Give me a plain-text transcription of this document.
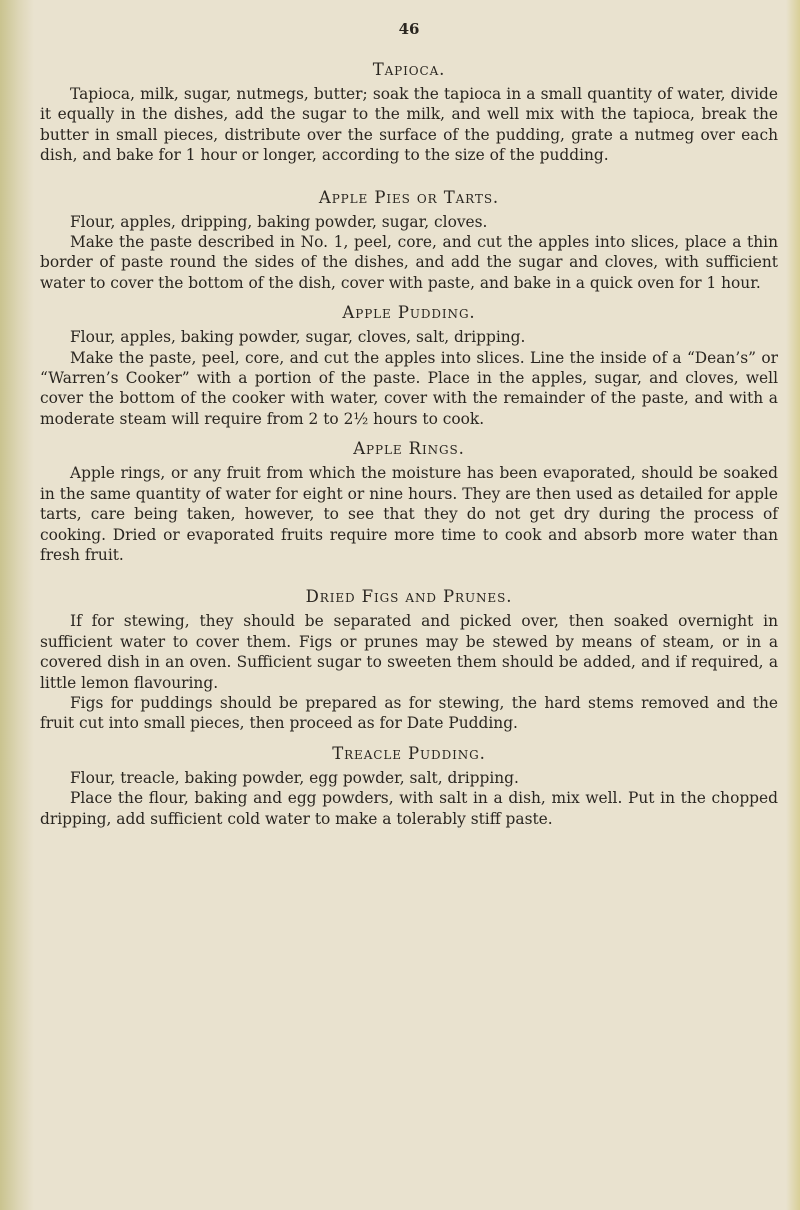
46
Tapioca.

Tapioca, milk, sugar, nutmegs, butter; soak the tapioca in a small quantity of water, divide it equally in the dishes, add the sugar to the milk, and well mix with the tapioca, break the butter in small pieces, distribute over the surface of the pudding, grate a nutmeg over each dish, and bake for 1 hour or longer, according to the size of the pudding.

Apple Pies or Tarts.

Flour, apples, dripping, baking powder, sugar, cloves.

Make the paste described in No. 1, peel, core, and cut the apples into slices, place a thin border of paste round the sides of the dishes, and add the sugar and cloves, with sufficient water to cover the bottom of the dish, cover with paste, and bake in a quick oven for 1 hour.

Apple Pudding.

Flour, apples, baking powder, sugar, cloves, salt, dripping.

Make the paste, peel, core, and cut the apples into slices. Line the inside of a “Dean’s” or “Warren’s Cooker” with a portion of the paste. Place in the apples, sugar, and cloves, well cover the bottom of the cooker with water, cover with the remainder of the paste, and with a moderate steam will require from 2 to 2½ hours to cook.

Apple Rings.

Apple rings, or any fruit from which the moisture has been evaporated, should be soaked in the same quantity of water for eight or nine hours. They are then used as detailed for apple tarts, care being taken, however, to see that they do not get dry during the process of cooking. Dried or evaporated fruits require more time to cook and absorb more water than fresh fruit.

Dried Figs and Prunes.

If for stewing, they should be separated and picked over, then soaked overnight in sufficient water to cover them. Figs or prunes may be stewed by means of steam, or in a covered dish in an oven. Sufficient sugar to sweeten them should be added, and if required, a little lemon flavouring.

Figs for puddings should be prepared as for stewing, the hard stems removed and the fruit cut into small pieces, then proceed as for Date Pudding.

Treacle Pudding.

Flour, treacle, baking powder, egg powder, salt, dripping.

Place the flour, baking and egg powders, with salt in a dish, mix well. Put in the chopped dripping, add sufficient cold water to make a tolerably stiff paste.
